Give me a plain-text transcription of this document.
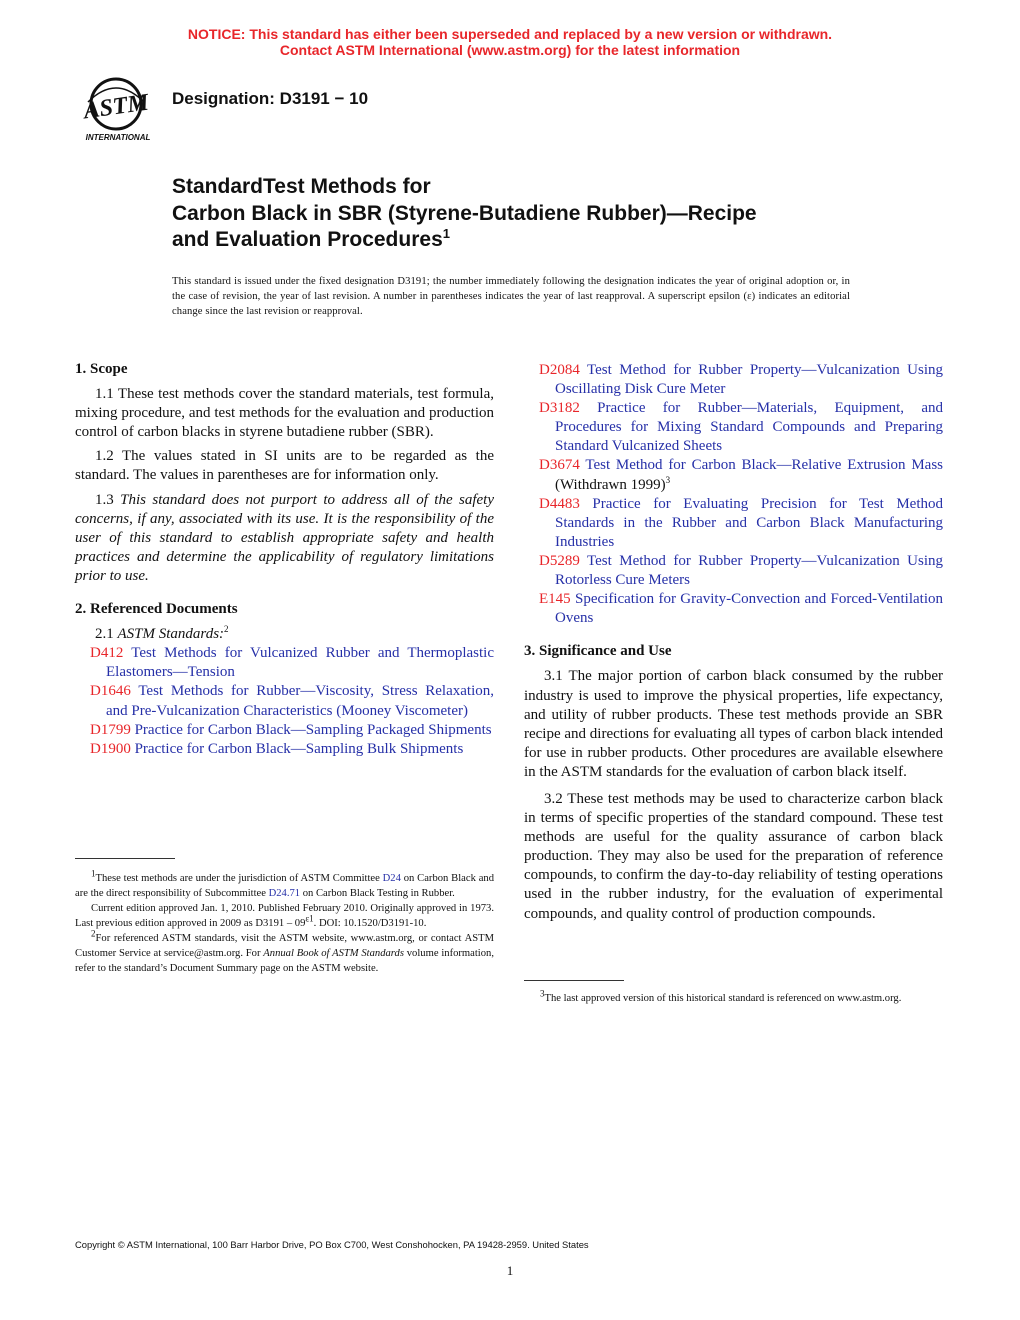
NOTICE: This standard has either been superseded and replaced by a new version or withdrawn.
Contact ASTM International (www.astm.org) for the latest information
ASTM
INTERNATIONAL
Designation: D3191 − 10
StandardTest Methods for
Carbon Black in SBR (Styrene-Butadiene Rubber)—Recipe
and Evaluation Procedures$^1$
This standard is issued under the fixed designation D3191; the number immediately following the designation indicates the year of original adoption or, in the case of revision, the year of last revision. A number in parentheses indicates the year of last reapproval. A superscript epsilon (ε) indicates an editorial change since the last revision or reapproval.
1. Scope

1.1 These test methods cover the standard materials, test formula, mixing procedure, and test methods for the evaluation and production control of carbon blacks in styrene butadiene rubber (SBR).

1.2 The values stated in SI units are to be regarded as the standard. The values in parentheses are for information only.

1.3 This standard does not purport to address all of the safety concerns, if any, associated with its use. It is the responsibility of the user of this standard to establish appropriate safety and health practices and determine the applicability of regulatory limitations prior to use.

2. Referenced Documents

2.1 ASTM Standards:$^2$

D412 Test Methods for Vulcanized Rubber and Thermoplastic Elastomers—Tension

D1646 Test Methods for Rubber—Viscosity, Stress Relaxation, and Pre-Vulcanization Characteristics (Mooney Viscometer)

D1799 Practice for Carbon Black—Sampling Packaged Shipments

D1900 Practice for Carbon Black—Sampling Bulk Shipments

$^1$These test methods are under the jurisdiction of ASTM Committee D24 on Carbon Black and are the direct responsibility of Subcommittee D24.71 on Carbon Black Testing in Rubber.

Current edition approved Jan. 1, 2010. Published February 2010. Originally approved in 1973. Last previous edition approved in 2009 as $D3191 - 09^{\varepsilon 1}$. DOI: 10.1520/D3191-10.

$^2$For referenced ASTM standards, visit the ASTM website, www.astm.org, or contact ASTM Customer Service at service@astm.org. For Annual Book of ASTM Standards volume information, refer to the standard’s Document Summary page on the ASTM website.

D2084 Test Method for Rubber Property—Vulcanization Using Oscillating Disk Cure Meter

D3182 Practice for Rubber—Materials, Equipment, and Procedures for Mixing Standard Compounds and Preparing Standard Vulcanized Sheets

D3674 Test Method for Carbon Black—Relative Extrusion Mass (Withdrawn 1999)$^3$

D4483 Practice for Evaluating Precision for Test Method Standards in the Rubber and Carbon Black Manufacturing Industries

D5289 Test Method for Rubber Property—Vulcanization Using Rotorless Cure Meters

E145 Specification for Gravity-Convection and Forced-Ventilation Ovens

3. Significance and Use

3.1 The major portion of carbon black consumed by the rubber industry is used to improve the physical properties, life expectancy, and utility of rubber products. These test methods provide an SBR recipe and directions for evaluating all types of carbon black intended for use in rubber products. Other procedures are available elsewhere in the ASTM standards for the evaluation of carbon black itself.

3.2 These test methods may be used to characterize carbon black in terms of specific properties of the standard compound. These test methods are useful for the quality assurance of carbon black production. They may also be used for the preparation of reference compounds, to confirm the day-to-day reliability of testing operations used in the rubber industry, for the evaluation of experimental compounds, and quality control of production compounds.

$^3$The last approved version of this historical standard is referenced on www.astm.org.

Copyright © ASTM International, 100 Barr Harbor Drive, PO Box C700, West Conshohocken, PA 19428-2959. United States
1
